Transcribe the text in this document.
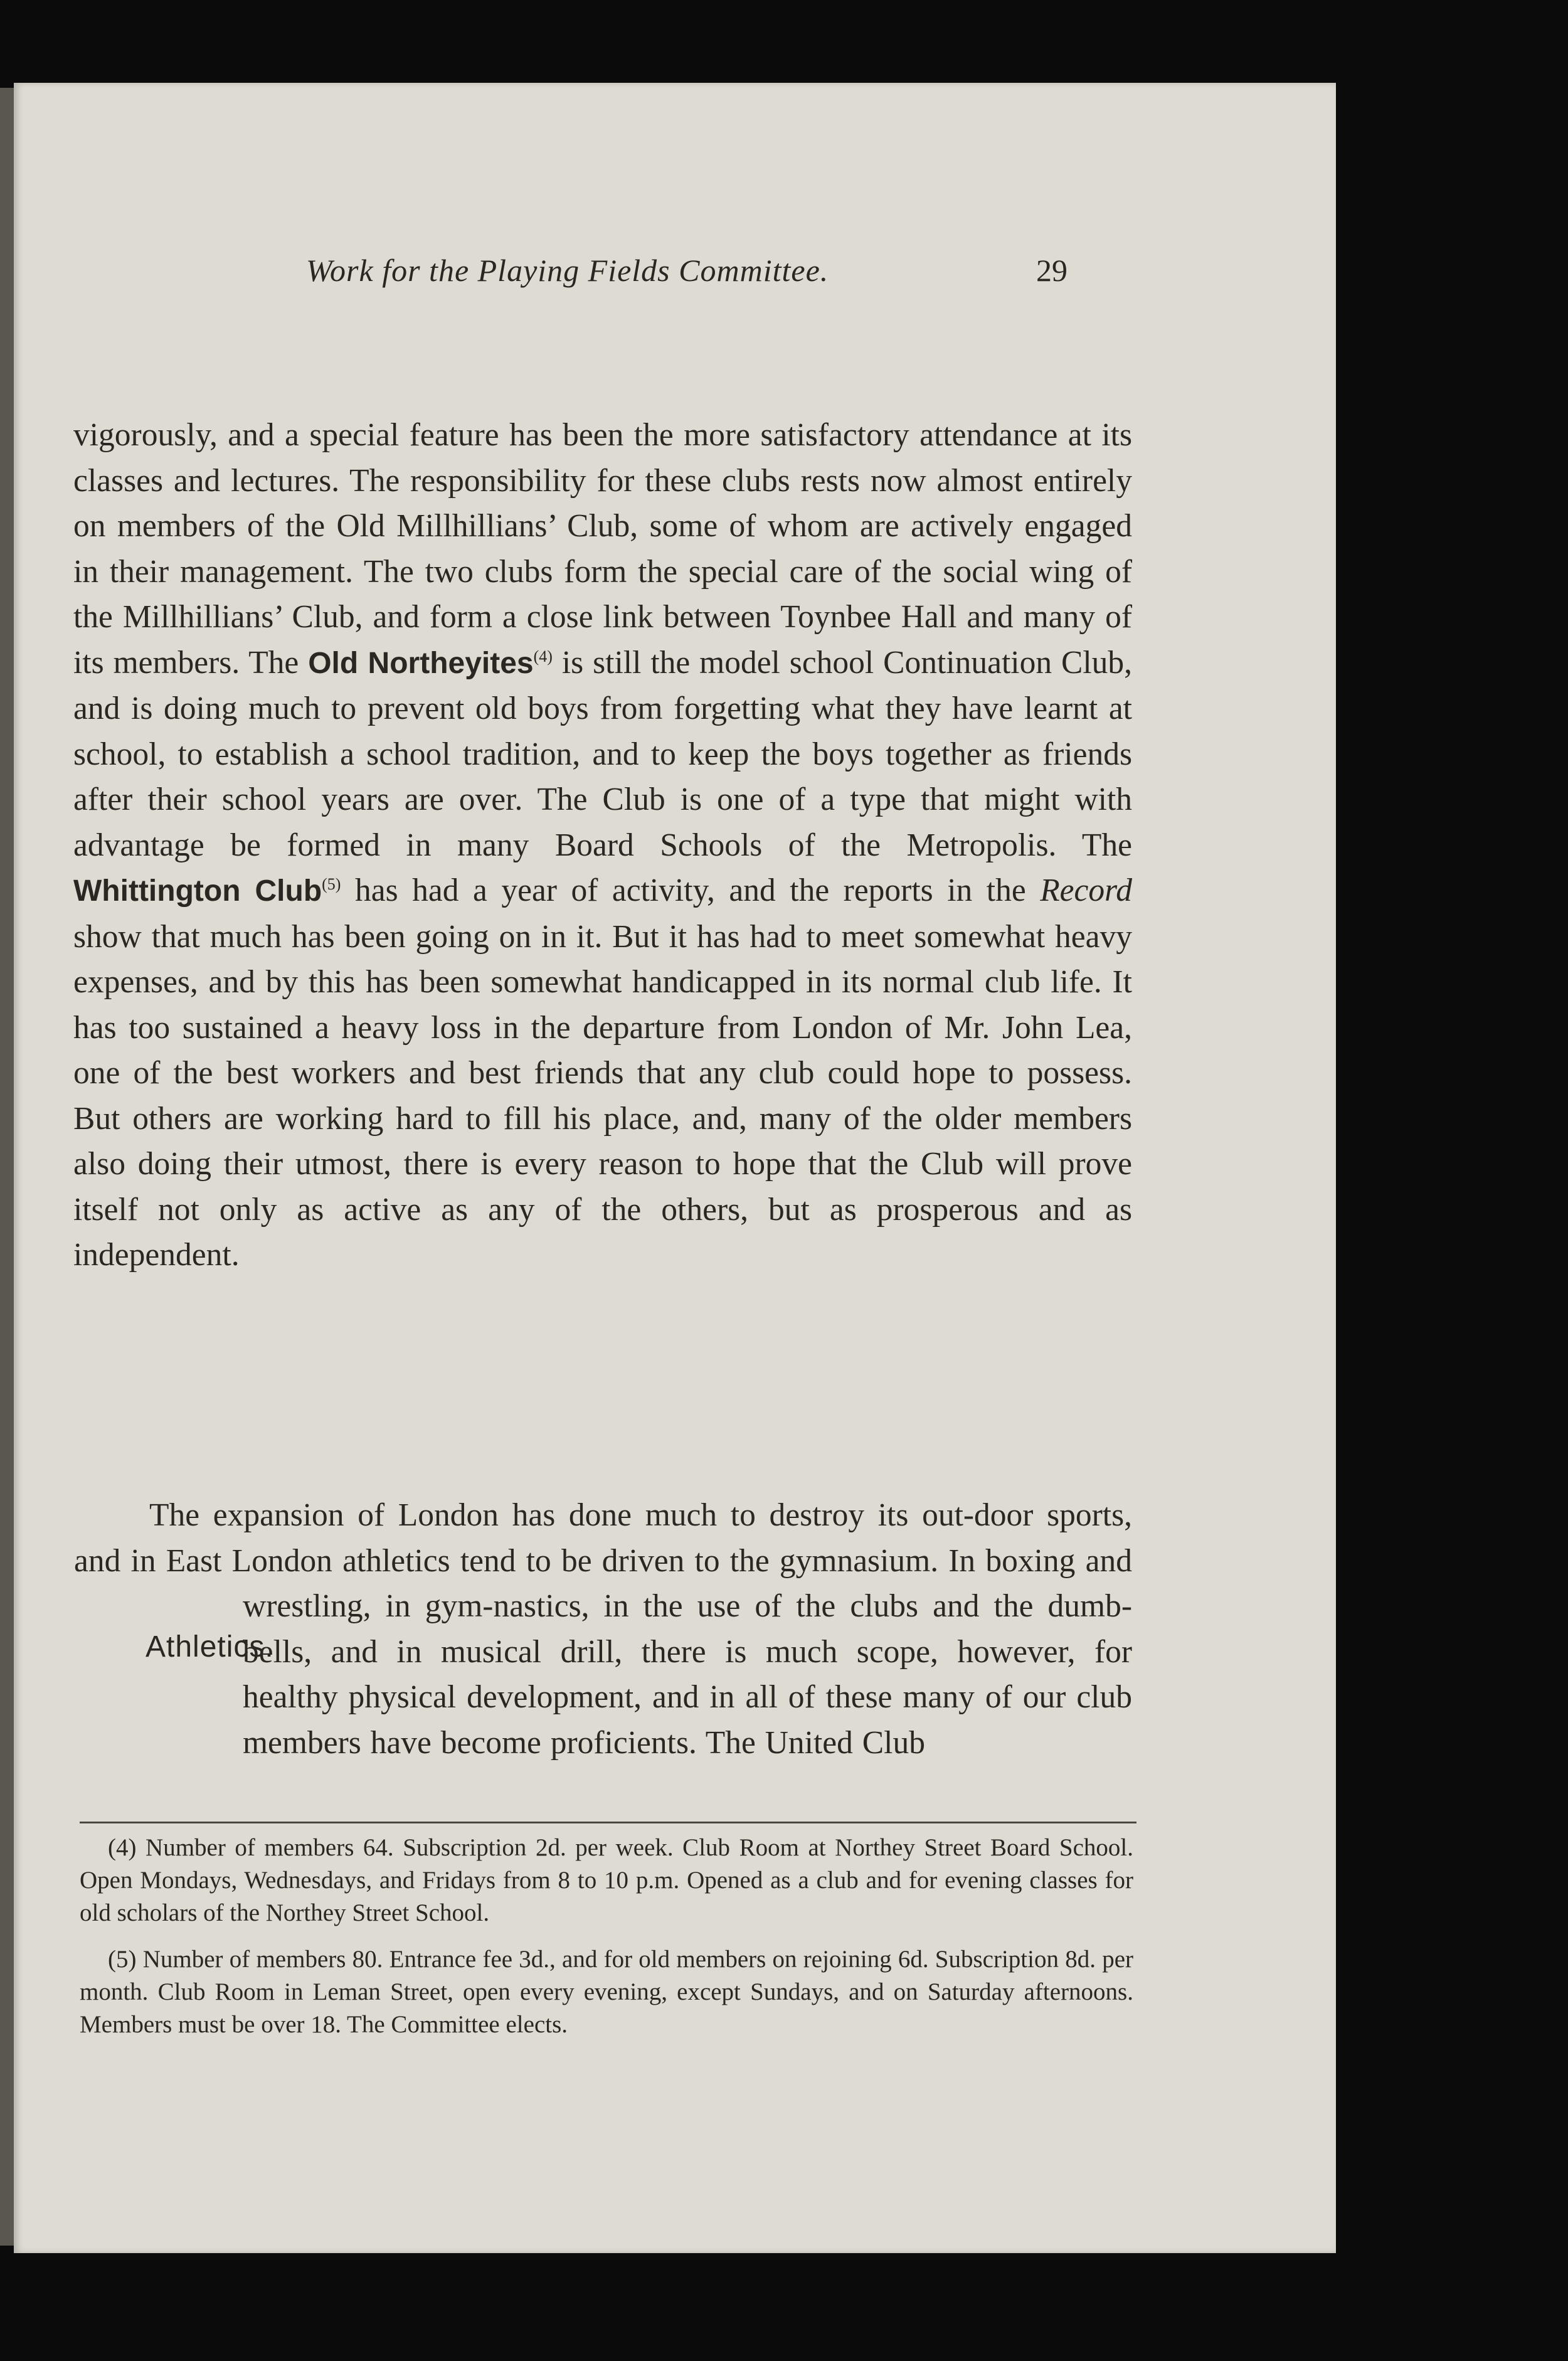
Work for the Playing Fields Committee.	29

vigorously, and a special feature has been the more satisfactory attendance at its classes and lectures. The responsibility for these clubs rests now almost entirely on members of the Old Millhillians’ Club, some of whom are actively engaged in their management. The two clubs form the special care of the social wing of the Millhillians’ Club, and form a close link between Toynbee Hall and many of its members. The Old Northeyites$^{(4)}$ is still the model school Continuation Club, and is doing much to prevent old boys from forgetting what they have learnt at school, to establish a school tradition, and to keep the boys together as friends after their school years are over. The Club is one of a type that might with advantage be formed in many Board Schools of the Metropolis. The Whittington Club$^{(5)}$ has had a year of activity, and the reports in the Record show that much has been going on in it. But it has had to meet somewhat heavy expenses, and by this has been somewhat handicapped in its normal club life. It has too sustained a heavy loss in the departure from London of Mr. John Lea, one of the best workers and best friends that any club could hope to possess. But others are working hard to fill his place, and, many of the older members also doing their utmost, there is every reason to hope that the Club will prove itself not only as active as any of the others, but as prosperous and as independent.

The expansion of London has done much to destroy its out-door sports, and in East London athletics tend to be driven to the gymnasium. In boxing and wrestling, in gym-nastics, in the use of the clubs and the dumb-bells, and in musical drill, there is much scope, however, for healthy physical development, and in all of these many of our club members have become proficients. The United Club

Athletics.

(4) Number of members 64. Subscription 2d. per week. Club Room at Northey Street Board School. Open Mondays, Wednesdays, and Fridays from 8 to 10 p.m. Opened as a club and for evening classes for old scholars of the Northey Street School.

(5) Number of members 80. Entrance fee 3d., and for old members on rejoining 6d. Subscription 8d. per month. Club Room in Leman Street, open every evening, except Sundays, and on Saturday afternoons. Members must be over 18. The Committee elects.
